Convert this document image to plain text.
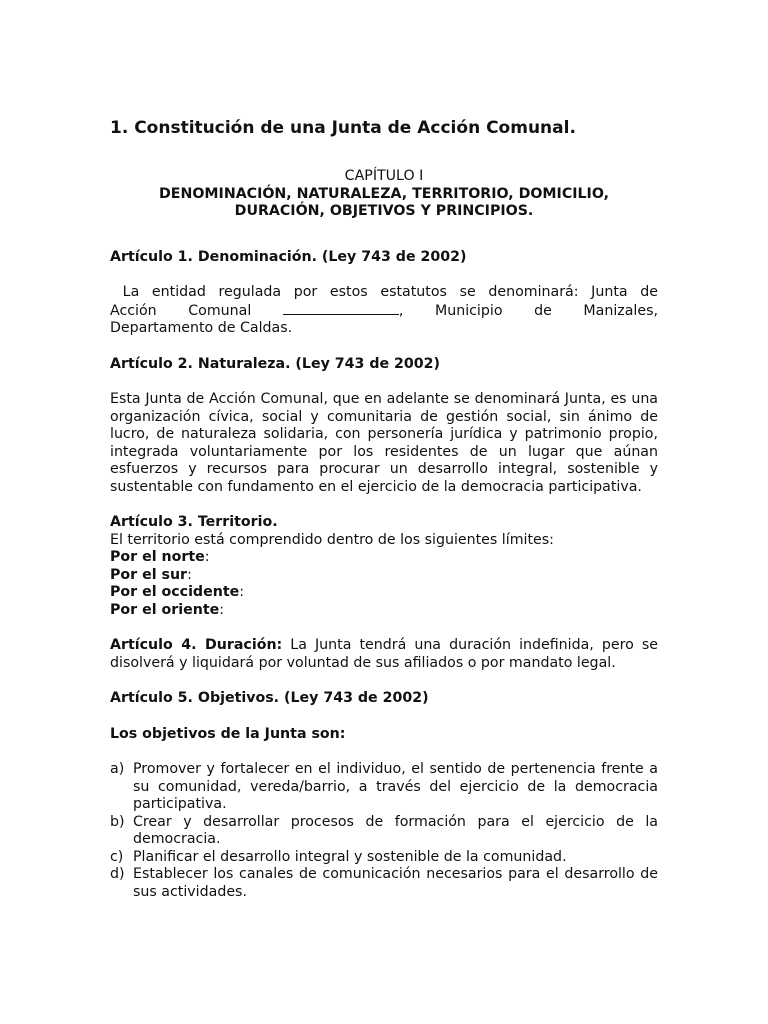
1. Constitución de una Junta de Acción Comunal.

CAPÍTULO I
DENOMINACIÓN, NATURALEZA, TERRITORIO, DOMICILIO,
DURACIÓN, OBJETIVOS Y PRINCIPIOS.
Artículo 1. Denominación. (Ley 743 de 2002)
La entidad regulada por estos estatutos se denominará: Junta de
Acción Comunal	, Municipio de Manizales,
Departamento de Caldas.
Artículo 2. Naturaleza. (Ley 743 de 2002)
Esta Junta de Acción Comunal, que en adelante se denominará Junta, es una organización cívica, social y comunitaria de gestión social, sin ánimo de lucro, de naturaleza solidaria, con personería jurídica y patrimonio propio, integrada voluntariamente por los residentes de un lugar que aúnan esfuerzos y recursos para procurar un desarrollo integral, sostenible y sustentable con fundamento en el ejercicio de la democracia participativa.
Artículo 3. Territorio.
El territorio está comprendido dentro de los siguientes límites:
Por el norte:
Por el sur:
Por el occidente:
Por el oriente:
Artículo 4. Duración: La Junta tendrá una duración indefinida, pero se disolverá y liquidará por voluntad de sus afiliados o por mandato legal.
Artículo 5. Objetivos. (Ley 743 de 2002)
Los objetivos de la Junta son:
a) Promover y fortalecer en el individuo, el sentido de pertenencia frente a su comunidad, vereda/barrio, a través del ejercicio de la democracia participativa.
b) Crear y desarrollar procesos de formación para el ejercicio de la democracia.
c) Planificar el desarrollo integral y sostenible de la comunidad.
d) Establecer los canales de comunicación necesarios para el desarrollo de sus actividades.
